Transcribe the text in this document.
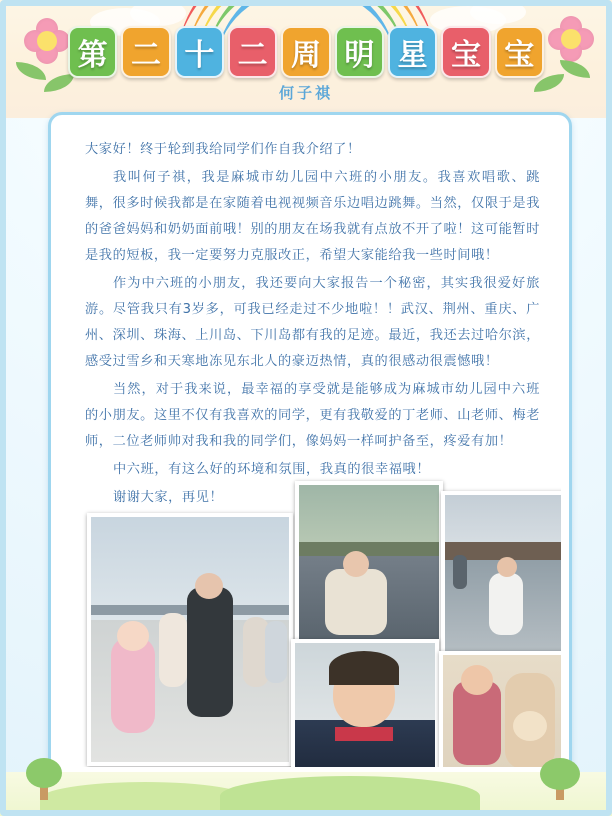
第 二 十 二 周 明 星 宝 宝
何子祺

大家好！终于轮到我给同学们作自我介绍了！

我叫何子祺，我是麻城市幼儿园中六班的小朋友。我喜欢唱歌、跳舞，很多时候我都是在家随着电视视频音乐边唱边跳舞。当然，仅限于是我的爸爸妈妈和奶奶面前哦！别的朋友在场我就有点放不开了啦！这可能暂时是我的短板，我一定要努力克服改正，希望大家能给我一些时间哦！

作为中六班的小朋友，我还要向大家报告一个秘密，其实我很爱好旅游。尽管我只有3岁多，可我已经走过不少地啦！！武汉、荆州、重庆、广州、深圳、珠海、上川岛、下川岛都有我的足迹。最近，我还去过哈尔滨，感受过雪乡和天寒地冻见东北人的豪迈热情，真的很感动很震憾哦！

当然，对于我来说，最幸福的享受就是能够成为麻城市幼儿园中六班的小朋友。这里不仅有我喜欢的同学，更有我敬爱的丁老师、山老师、梅老师，二位老师帅对我和我的同学们，像妈妈一样呵护备至，疼爱有加！

中六班，有这么好的环境和氛围，我真的很幸福哦！

谢谢大家，再见！
